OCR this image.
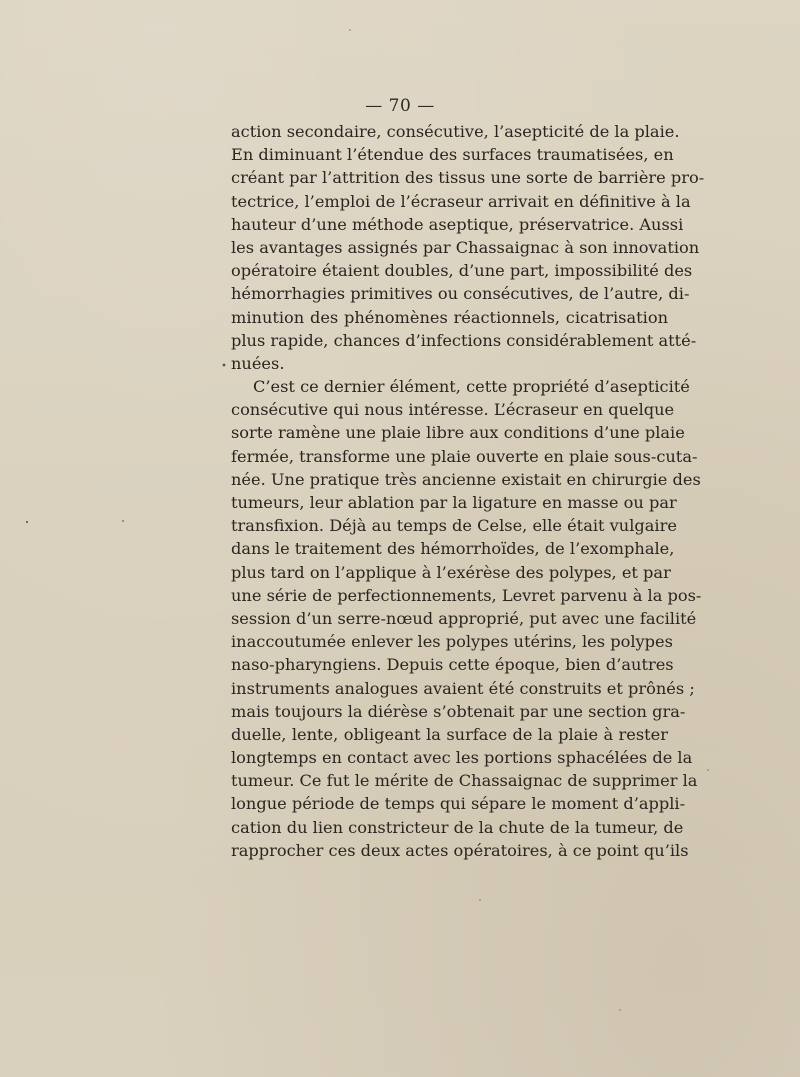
— 70 —
action secondaire, consécutive, l’asepticité de la plaie.
En diminuant l’étendue des surfaces traumatisées, en
créant par l’attrition des tissus une sorte de barrière pro-
tectrice, l’emploi de l’écraseur arrivait en définitive à la
hauteur d’une méthode aseptique, préservatrice. Aussi
les avantages assignés par Chassaignac à son innovation
opératoire étaient doubles, d’une part, impossibilité des
hémorrhagies primitives ou consécutives, de l’autre, di-
minution des phénomènes réactionnels, cicatrisation
plus rapide, chances d’infections considérablement atté-
nuées.
C’est ce dernier élément, cette propriété d’asepticité
consécutive qui nous intéresse. L’écraseur en quelque
sorte ramène une plaie libre aux conditions d’une plaie
fermée, transforme une plaie ouverte en plaie sous-cuta-
née. Une pratique très ancienne existait en chirurgie des
tumeurs, leur ablation par la ligature en masse ou par
transfixion. Déjà au temps de Celse, elle était vulgaire
dans le traitement des hémorrhoïdes, de l’exomphale,
plus tard on l’applique à l’exérèse des polypes, et par
une série de perfectionnements, Levret parvenu à la pos-
session d’un serre-nœud approprié, put avec une facilité
inaccoutumée enlever les polypes utérins, les polypes
naso-pharyngiens. Depuis cette époque, bien d’autres
instruments analogues avaient été construits et prônés ;
mais toujours la diérèse s’obtenait par une section gra-
duelle, lente, obligeant la surface de la plaie à rester
longtemps en contact avec les portions sphacélées de la
tumeur. Ce fut le mérite de Chassaignac de supprimer la
longue période de temps qui sépare le moment d’appli-
cation du lien constricteur de la chute de la tumeur, de
rapprocher ces deux actes opératoires, à ce point qu’ils
